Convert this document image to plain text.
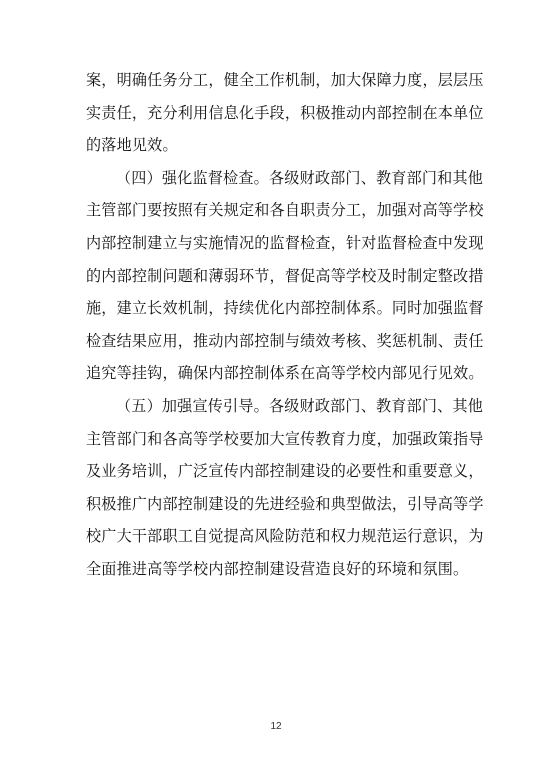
案，明确任务分工，健全工作机制，加大保障力度，层层压
实责任，充分利用信息化手段，积极推动内部控制在本单位
的落地见效。
（四）强化监督检查。各级财政部门、教育部门和其他
主管部门要按照有关规定和各自职责分工，加强对高等学校
内部控制建立与实施情况的监督检查，针对监督检查中发现
的内部控制问题和薄弱环节，督促高等学校及时制定整改措
施，建立长效机制，持续优化内部控制体系。同时加强监督
检查结果应用，推动内部控制与绩效考核、奖惩机制、责任
追究等挂钩，确保内部控制体系在高等学校内部见行见效。
（五）加强宣传引导。各级财政部门、教育部门、其他
主管部门和各高等学校要加大宣传教育力度，加强政策指导
及业务培训，广泛宣传内部控制建设的必要性和重要意义，
积极推广内部控制建设的先进经验和典型做法，引导高等学
校广大干部职工自觉提高风险防范和权力规范运行意识，为
全面推进高等学校内部控制建设营造良好的环境和氛围。
12
